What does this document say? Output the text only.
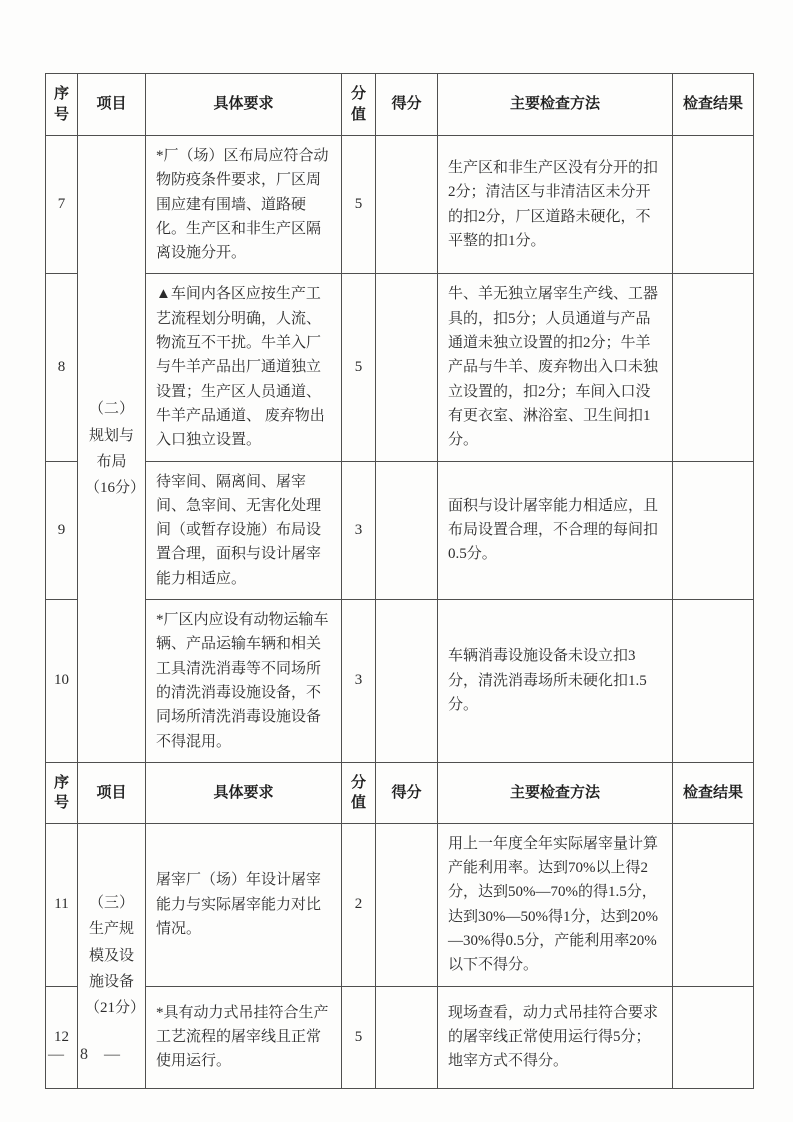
序号	项目	具体要求	分值	得分	主要检查方法	检查结果
7	（二）规划与布局（16分）	*厂（场）区布局应符合动物防疫条件要求，厂区周围应建有围墙、道路硬化。生产区和非生产区隔离设施分开。	5		生产区和非生产区没有分开的扣2分；清洁区与非清洁区未分开的扣2分，厂区道路未硬化，不平整的扣1分。	
8		▲车间内各区应按生产工艺流程划分明确，人流、物流互不干扰。牛羊入厂与牛羊产品出厂通道独立设置；生产区人员通道、牛羊产品通道、 废弃物出入口独立设置。	5		牛、羊无独立屠宰生产线、工器具的，扣5分；人员通道与产品通道未独立设置的扣2分；牛羊产品与牛羊、废弃物出入口未独立设置的，扣2分；车间入口没有更衣室、淋浴室、卫生间扣1分。	
9		待宰间、隔离间、屠宰间、急宰间、无害化处理间（或暂存设施）布局设置合理，面积与设计屠宰能力相适应。	3		面积与设计屠宰能力相适应，且布局设置合理，不合理的每间扣0.5分。	
10		*厂区内应设有动物运输车辆、产品运输车辆和相关工具清洗消毒等不同场所的清洗消毒设施设备，不同场所清洗消毒设施设备不得混用。	3		车辆消毒设施设备未设立扣3分，清洗消毒场所未硬化扣1.5分。	
序号	项目	具体要求	分值	得分	主要检查方法	检查结果
11	（三）生产规模及设施设备（21分）	屠宰厂（场）年设计屠宰能力与实际屠宰能力对比情况。	2		用上一年度全年实际屠宰量计算产能利用率。达到70%以上得2分，达到50%—70%的得1.5分，达到30%—50%得1分，达到20%—30%得0.5分，产能利用率20%以下不得分。	
12		*具有动力式吊挂符合生产工艺流程的屠宰线且正常使用运行。	5		现场查看，动力式吊挂符合要求的屠宰线正常使用运行得5分；地宰方式不得分。	
— 8 —
